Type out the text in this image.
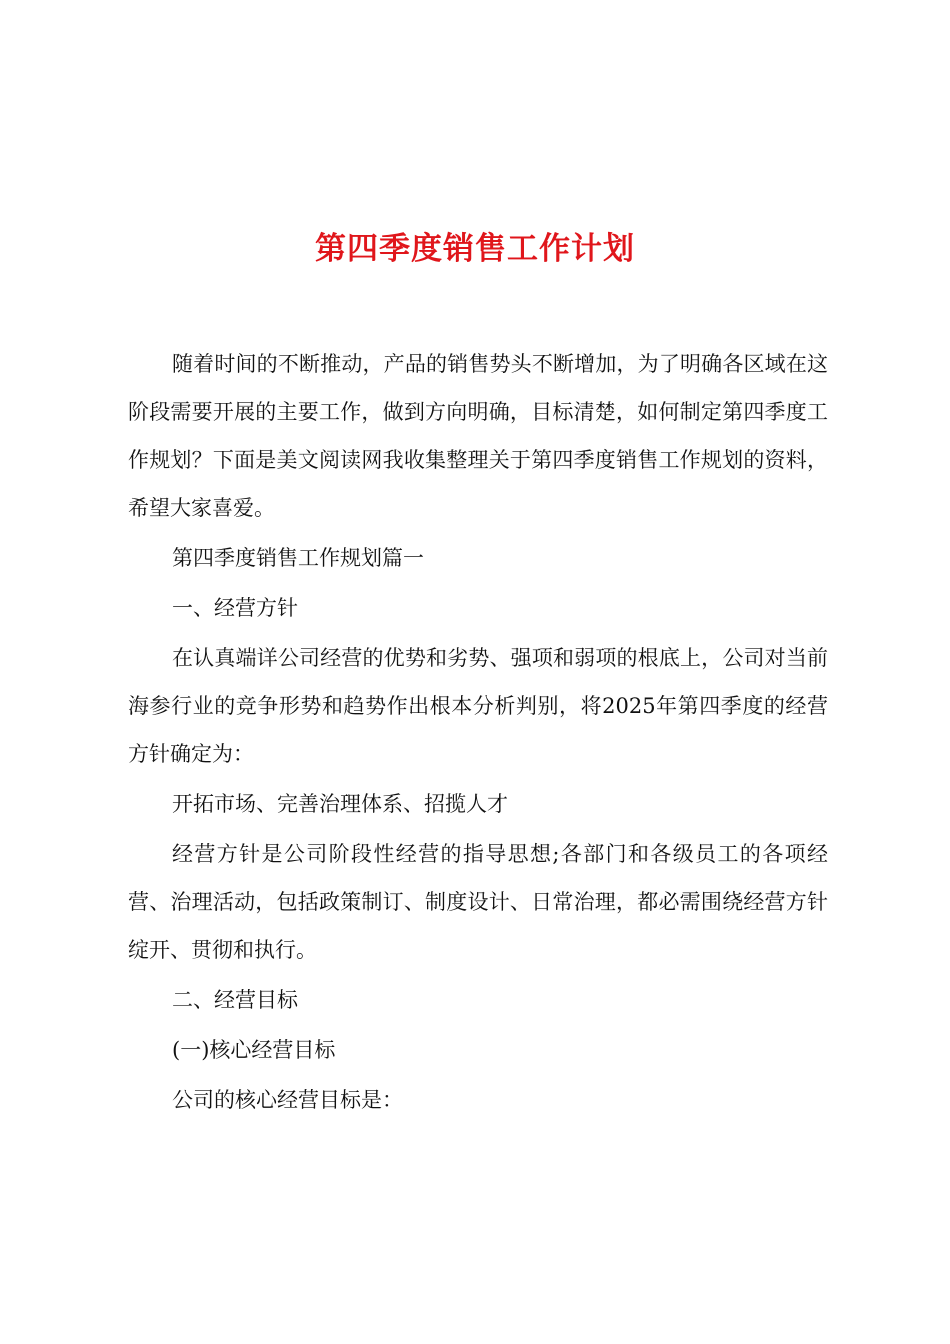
第四季度销售工作计划

随着时间的不断推动，产品的销售势头不断增加，为了明确各区域在这阶段需要开展的主要工作，做到方向明确，目标清楚，如何制定第四季度工作规划？下面是美文阅读网我收集整理关于第四季度销售工作规划的资料，希望大家喜爱。

第四季度销售工作规划篇一

一、经营方针

在认真端详公司经营的优势和劣势、强项和弱项的根底上，公司对当前海参行业的竞争形势和趋势作出根本分析判别，将2025年第四季度的经营方针确定为：

开拓市场、完善治理体系、招揽人才

经营方针是公司阶段性经营的指导思想;各部门和各级员工的各项经营、治理活动，包括政策制订、制度设计、日常治理，都必需围绕经营方针绽开、贯彻和执行。

二、经营目标

(一)核心经营目标

公司的核心经营目标是：
